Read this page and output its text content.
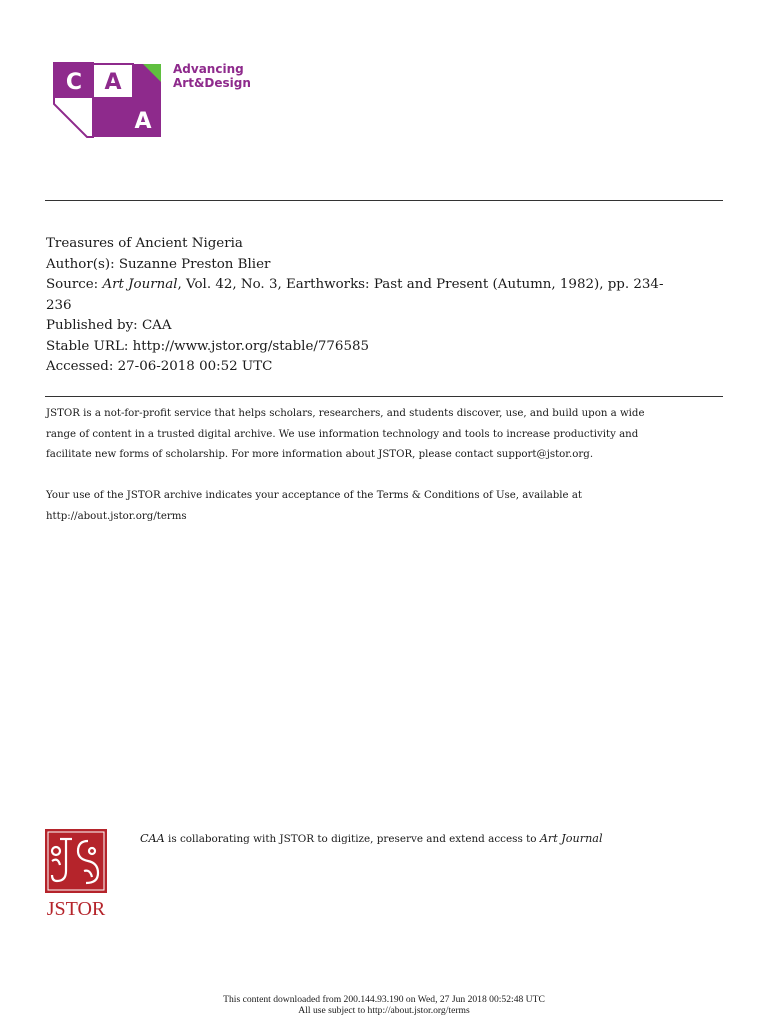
C A
A
Advancing
Art&Design
Treasures of Ancient Nigeria
Author(s): Suzanne Preston Blier
Source: Art Journal, Vol. 42, No. 3, Earthworks: Past and Present (Autumn, 1982), pp. 234-
236
Published by: CAA
Stable URL: http://www.jstor.org/stable/776585
Accessed: 27-06-2018 00:52 UTC
JSTOR is a not-for-profit service that helps scholars, researchers, and students discover, use, and build upon a wide
range of content in a trusted digital archive. We use information technology and tools to increase productivity and
facilitate new forms of scholarship. For more information about JSTOR, please contact support@jstor.org.
Your use of the JSTOR archive indicates your acceptance of the Terms & Conditions of Use, available at
http://about.jstor.org/terms
JSTOR
CAA is collaborating with JSTOR to digitize, preserve and extend access to Art Journal
This content downloaded from 200.144.93.190 on Wed, 27 Jun 2018 00:52:48 UTC
All use subject to http://about.jstor.org/terms
